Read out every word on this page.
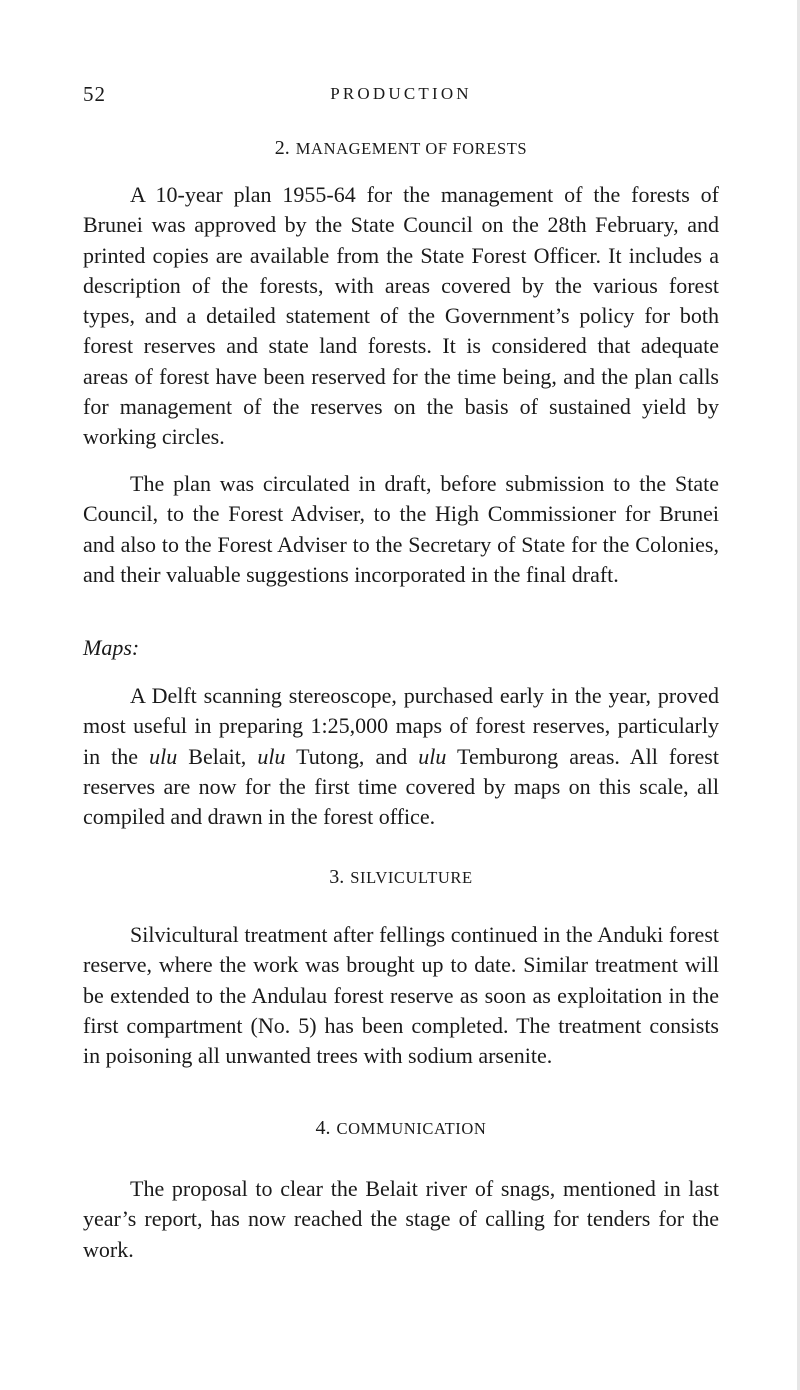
52	PRODUCTION
2. MANAGEMENT OF FORESTS

A 10-year plan 1955-64 for the management of the forests of Brunei was approved by the State Council on the 28th February, and printed copies are available from the State Forest Officer. It includes a description of the forests, with areas covered by the various forest types, and a detailed statement of the Government’s policy for both forest reserves and state land forests. It is considered that adequate areas of forest have been reserved for the time being, and the plan calls for management of the reserves on the basis of sustained yield by working circles.

The plan was circulated in draft, before submission to the State Council, to the Forest Adviser, to the High Commissioner for Brunei and also to the Forest Adviser to the Secretary of State for the Colonies, and their valuable suggestions incorporated in the final draft.

Maps:

A Delft scanning stereoscope, purchased early in the year, proved most useful in preparing 1:25,000 maps of forest reserves, particularly in the ulu Belait, ulu Tutong, and ulu Temburong areas. All forest reserves are now for the first time covered by maps on this scale, all compiled and drawn in the forest office.

3. SILVICULTURE

Silvicultural treatment after fellings continued in the Anduki forest reserve, where the work was brought up to date. Similar treatment will be extended to the Andulau forest reserve as soon as exploitation in the first compartment (No. 5) has been completed. The treatment consists in poisoning all unwanted trees with sodium arsenite.

4. COMMUNICATION

The proposal to clear the Belait river of snags, mentioned in last year’s report, has now reached the stage of calling for tenders for the work.
